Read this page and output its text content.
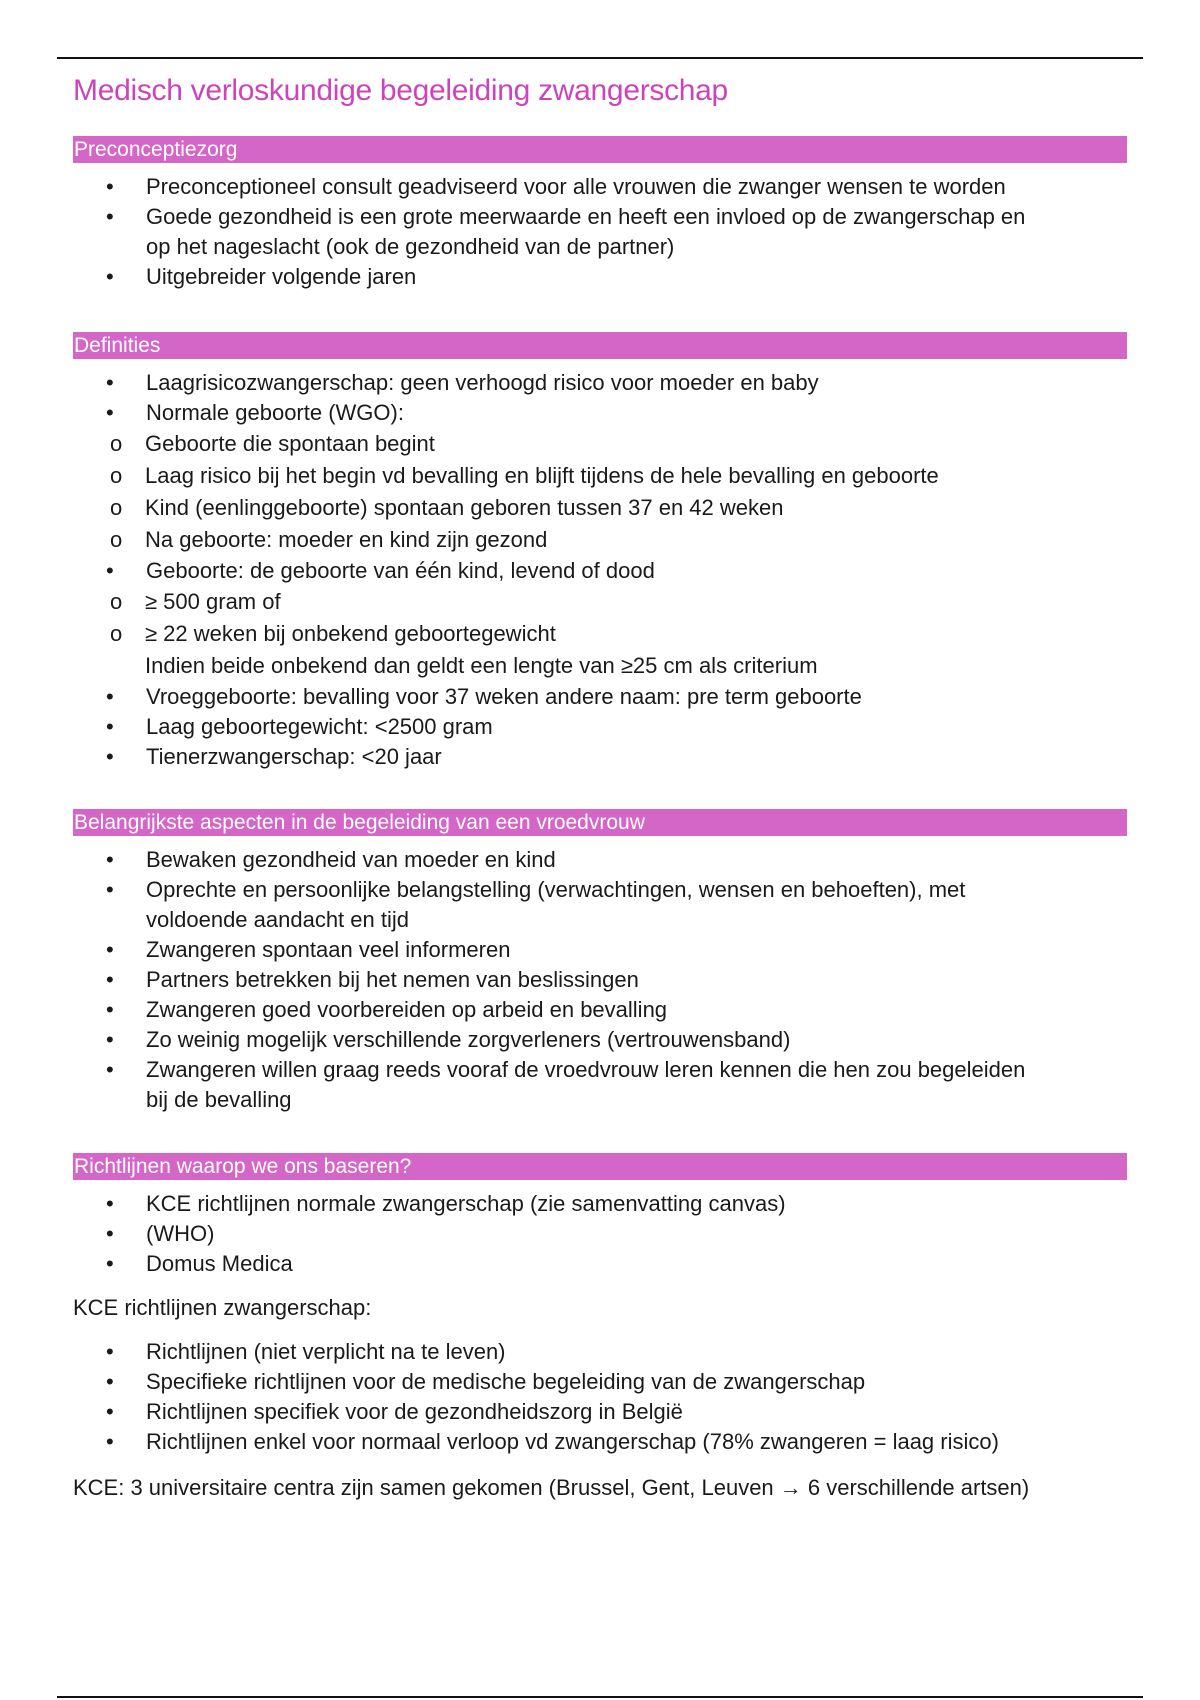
Medisch verloskundige begeleiding zwangerschap
Preconceptiezorg
• Preconceptioneel consult geadviseerd voor alle vrouwen die zwanger wensen te worden
• Goede gezondheid is een grote meerwaarde en heeft een invloed op de zwangerschap en
op het nageslacht (ook de gezondheid van de partner)
• Uitgebreider volgende jaren
Definities
• Laagrisicozwangerschap: geen verhoogd risico voor moeder en baby
• Normale geboorte (WGO):
o Geboorte die spontaan begint
o Laag risico bij het begin vd bevalling en blijft tijdens de hele bevalling en geboorte
o Kind (eenlinggeboorte) spontaan geboren tussen 37 en 42 weken
o Na geboorte: moeder en kind zijn gezond
• Geboorte: de geboorte van één kind, levend of dood
o ≥ 500 gram of
o ≥ 22 weken bij onbekend geboortegewicht
Indien beide onbekend dan geldt een lengte van ≥25 cm als criterium
• Vroeggeboorte: bevalling voor 37 weken andere naam: pre term geboorte
• Laag geboortegewicht: <2500 gram
• Tienerzwangerschap: <20 jaar
Belangrijkste aspecten in de begeleiding van een vroedvrouw
• Bewaken gezondheid van moeder en kind
• Oprechte en persoonlijke belangstelling (verwachtingen, wensen en behoeften), met
voldoende aandacht en tijd
• Zwangeren spontaan veel informeren
• Partners betrekken bij het nemen van beslissingen
• Zwangeren goed voorbereiden op arbeid en bevalling
• Zo weinig mogelijk verschillende zorgverleners (vertrouwensband)
• Zwangeren willen graag reeds vooraf de vroedvrouw leren kennen die hen zou begeleiden
bij de bevalling
Richtlijnen waarop we ons baseren?
• KCE richtlijnen normale zwangerschap (zie samenvatting canvas)
• (WHO)
• Domus Medica

KCE richtlijnen zwangerschap:

• Richtlijnen (niet verplicht na te leven)
• Specifieke richtlijnen voor de medische begeleiding van de zwangerschap
• Richtlijnen specifiek voor de gezondheidszorg in België
• Richtlijnen enkel voor normaal verloop vd zwangerschap (78% zwangeren = laag risico)

KCE: 3 universitaire centra zijn samen gekomen (Brussel, Gent, Leuven → 6 verschillende artsen)
